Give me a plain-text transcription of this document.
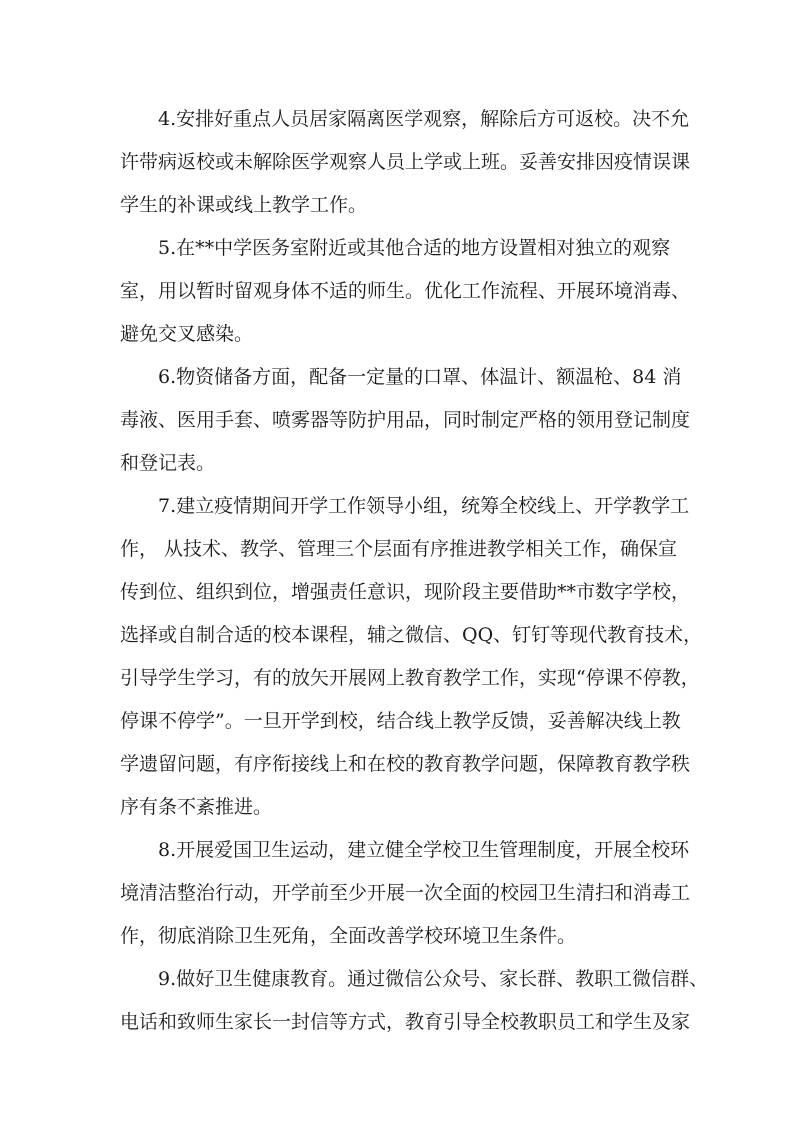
4.安排好重点人员居家隔离医学观察，解除后方可返校。决不允
许带病返校或未解除医学观察人员上学或上班。妥善安排因疫情误课
学生的补课或线上教学工作。
5.在**中学医务室附近或其他合适的地方设置相对独立的观察
室，用以暂时留观身体不适的师生。优化工作流程、开展环境消毒、
避免交叉感染。
6.物资储备方面，配备一定量的口罩、体温计、额温枪、84 消
毒液、医用手套、喷雾器等防护用品，同时制定严格的领用登记制度
和登记表。
7.建立疫情期间开学工作领导小组，统筹全校线上、开学教学工
作， 从技术、教学、管理三个层面有序推进教学相关工作，确保宣
传到位、组织到位，增强责任意识，现阶段主要借助**市数字学校，
选择或自制合适的校本课程，辅之微信、QQ、钉钉等现代教育技术，
引导学生学习，有的放矢开展网上教育教学工作，实现“停课不停教，
停课不停学”。一旦开学到校，结合线上教学反馈，妥善解决线上教
学遗留问题，有序衔接线上和在校的教育教学问题，保障教育教学秩
序有条不紊推进。
8.开展爱国卫生运动，建立健全学校卫生管理制度，开展全校环
境清洁整治行动，开学前至少开展一次全面的校园卫生清扫和消毒工
作，彻底消除卫生死角，全面改善学校环境卫生条件。
9.做好卫生健康教育。通过微信公众号、家长群、教职工微信群、
电话和致师生家长一封信等方式，教育引导全校教职员工和学生及家
